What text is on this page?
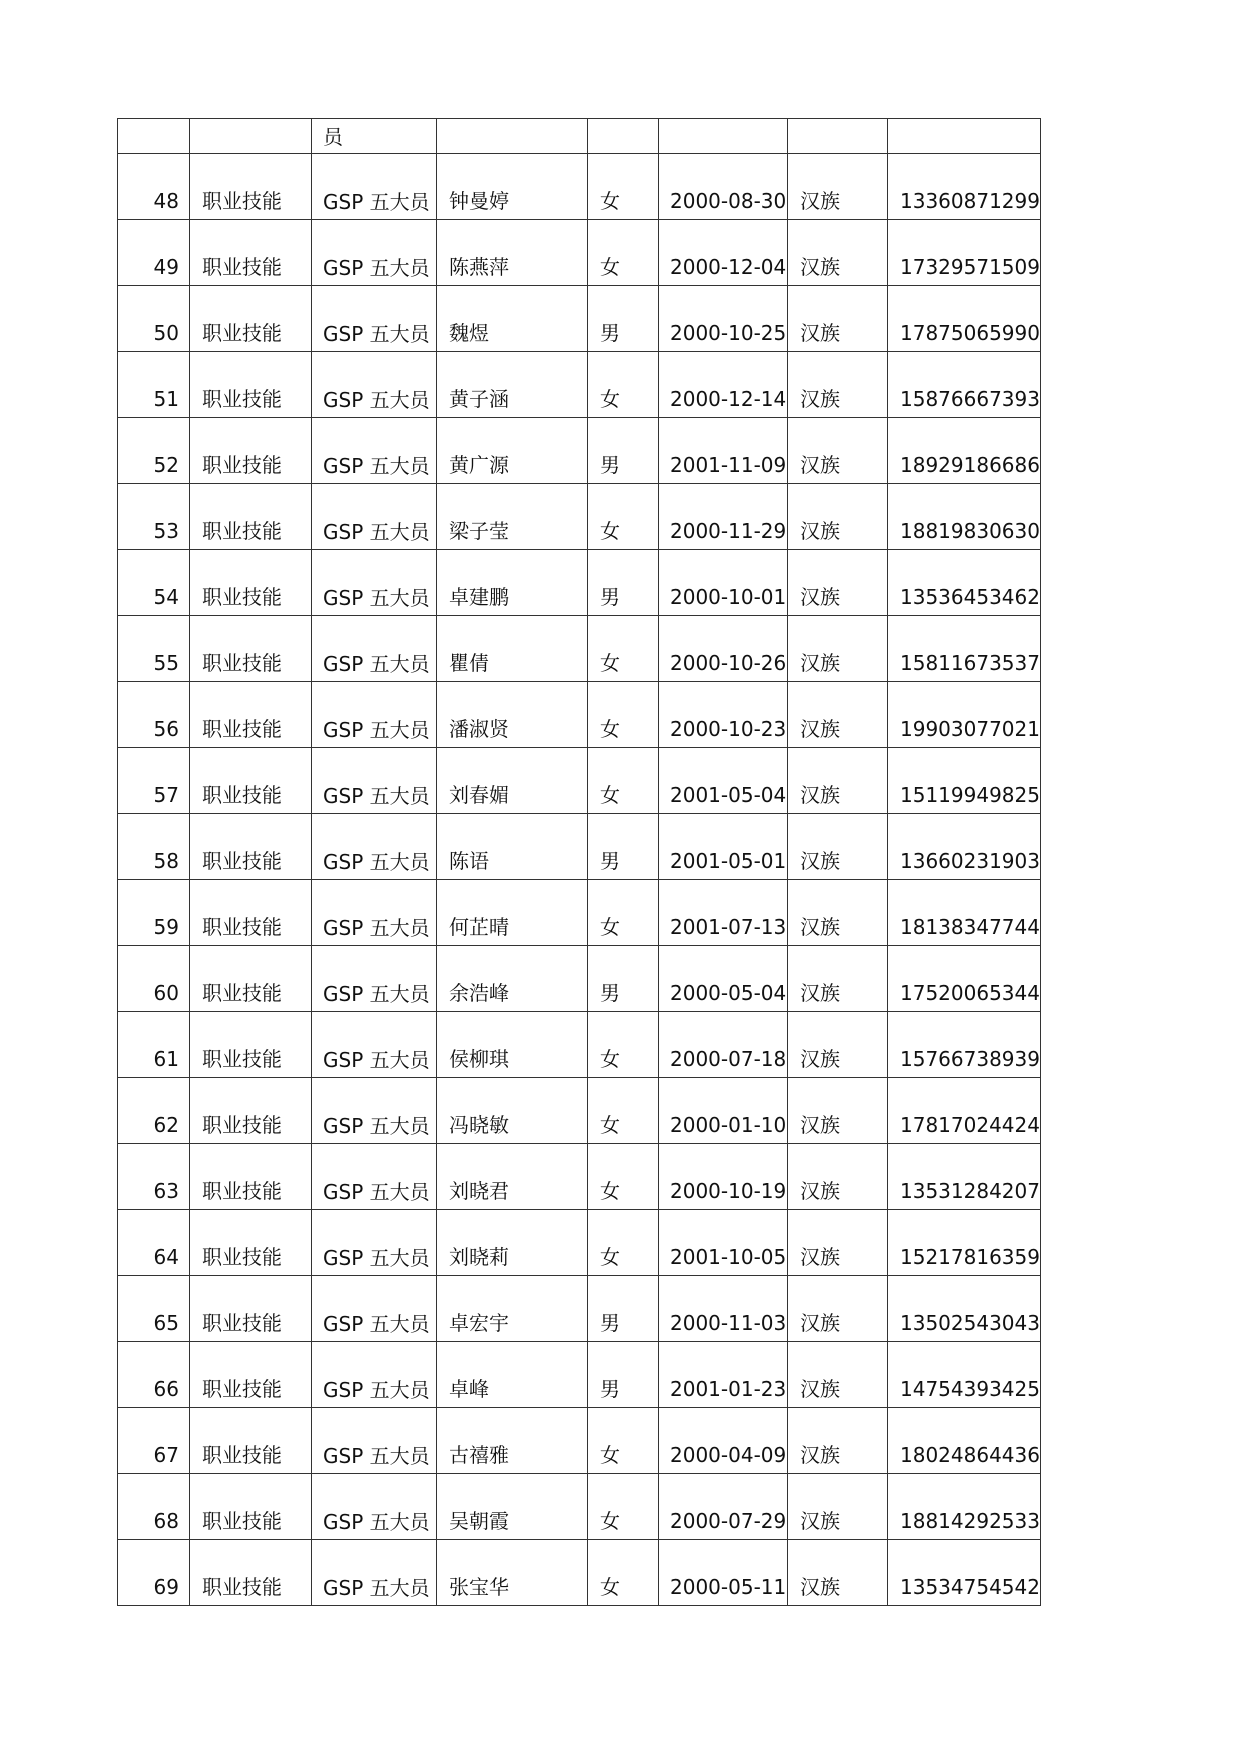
		员					

48	职业技能	GSP 五大员	钟曼婷	女	2000-08-30	汉族	13360871299

49	职业技能	GSP 五大员	陈燕萍	女	2000-12-04	汉族	17329571509

50	职业技能	GSP 五大员	魏煜	男	2000-10-25	汉族	17875065990

51	职业技能	GSP 五大员	黄子涵	女	2000-12-14	汉族	15876667393

52	职业技能	GSP 五大员	黄广源	男	2001-11-09	汉族	18929186686

53	职业技能	GSP 五大员	梁子莹	女	2000-11-29	汉族	18819830630

54	职业技能	GSP 五大员	卓建鹏	男	2000-10-01	汉族	13536453462

55	职业技能	GSP 五大员	瞿倩	女	2000-10-26	汉族	15811673537

56	职业技能	GSP 五大员	潘淑贤	女	2000-10-23	汉族	19903077021

57	职业技能	GSP 五大员	刘春媚	女	2001-05-04	汉族	15119949825

58	职业技能	GSP 五大员	陈语	男	2001-05-01	汉族	13660231903

59	职业技能	GSP 五大员	何芷晴	女	2001-07-13	汉族	18138347744

60	职业技能	GSP 五大员	余浩峰	男	2000-05-04	汉族	17520065344

61	职业技能	GSP 五大员	侯柳琪	女	2000-07-18	汉族	15766738939

62	职业技能	GSP 五大员	冯晓敏	女	2000-01-10	汉族	17817024424

63	职业技能	GSP 五大员	刘晓君	女	2000-10-19	汉族	13531284207

64	职业技能	GSP 五大员	刘晓莉	女	2001-10-05	汉族	15217816359

65	职业技能	GSP 五大员	卓宏宇	男	2000-11-03	汉族	13502543043

66	职业技能	GSP 五大员	卓峰	男	2001-01-23	汉族	14754393425

67	职业技能	GSP 五大员	古禧雅	女	2000-04-09	汉族	18024864436

68	职业技能	GSP 五大员	吴朝霞	女	2000-07-29	汉族	18814292533

69	职业技能	GSP 五大员	张宝华	女	2000-05-11	汉族	13534754542
